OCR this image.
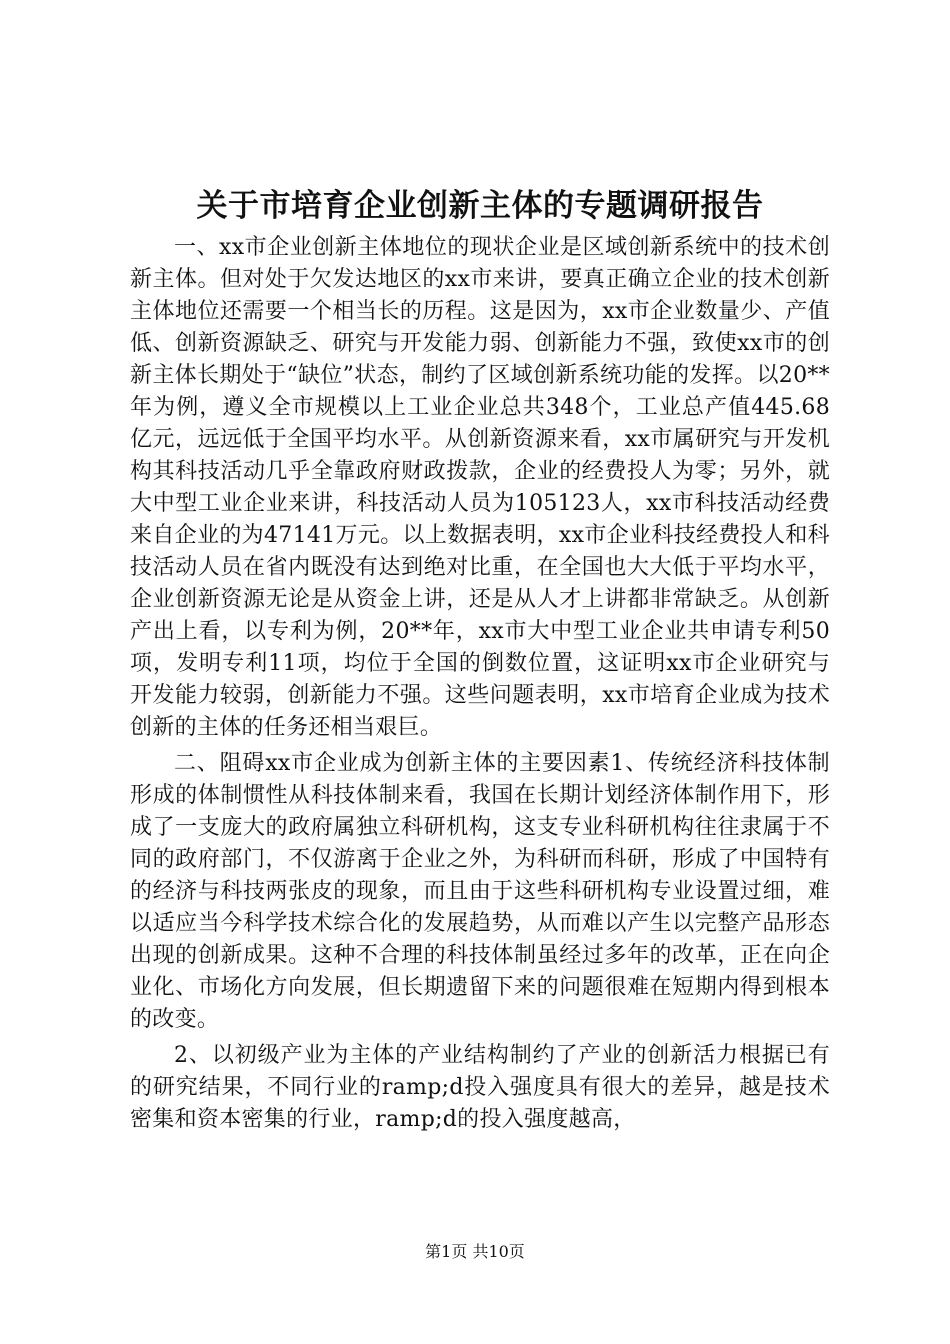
关于市培育企业创新主体的专题调研报告

一、xx市企业创新主体地位的现状企业是区域创新系统中的技术创新主体。但对处于欠发达地区的xx市来讲，要真正确立企业的技术创新主体地位还需要一个相当长的历程。这是因为，xx市企业数量少、产值低、创新资源缺乏、研究与开发能力弱、创新能力不强，致使xx市的创新主体长期处于“缺位”状态，制约了区域创新系统功能的发挥。以20**年为例，遵义全市规模以上工业企业总共348个，工业总产值445.68亿元，远远低于全国平均水平。从创新资源来看，xx市属研究与开发机构其科技活动几乎全靠政府财政拨款，企业的经费投人为零；另外，就大中型工业企业来讲，科技活动人员为105123人，xx市科技活动经费来自企业的为47141万元。以上数据表明，xx市企业科技经费投人和科技活动人员在省内既没有达到绝对比重，在全国也大大低于平均水平，企业创新资源无论是从资金上讲，还是从人才上讲都非常缺乏。从创新产出上看，以专利为例，20**年，xx市大中型工业企业共申请专利50项，发明专利11项，均位于全国的倒数位置，这证明xx市企业研究与开发能力较弱，创新能力不强。这些问题表明，xx市培育企业成为技术创新的主体的任务还相当艰巨。

二、阻碍xx市企业成为创新主体的主要因素1、传统经济科技体制形成的体制惯性从科技体制来看，我国在长期计划经济体制作用下，形成了一支庞大的政府属独立科研机构，这支专业科研机构往往隶属于不同的政府部门，不仅游离于企业之外，为科研而科研，形成了中国特有的经济与科技两张皮的现象，而且由于这些科研机构专业设置过细，难以适应当今科学技术综合化的发展趋势，从而难以产生以完整产品形态出现的创新成果。这种不合理的科技体制虽经过多年的改革，正在向企业化、市场化方向发展，但长期遗留下来的问题很难在短期内得到根本的改变。

2、以初级产业为主体的产业结构制约了产业的创新活力根据已有的研究结果，不同行业的ramp;d投入强度具有很大的差异，越是技术密集和资本密集的行业，ramp;d的投入强度越高，

第1页 共10页
